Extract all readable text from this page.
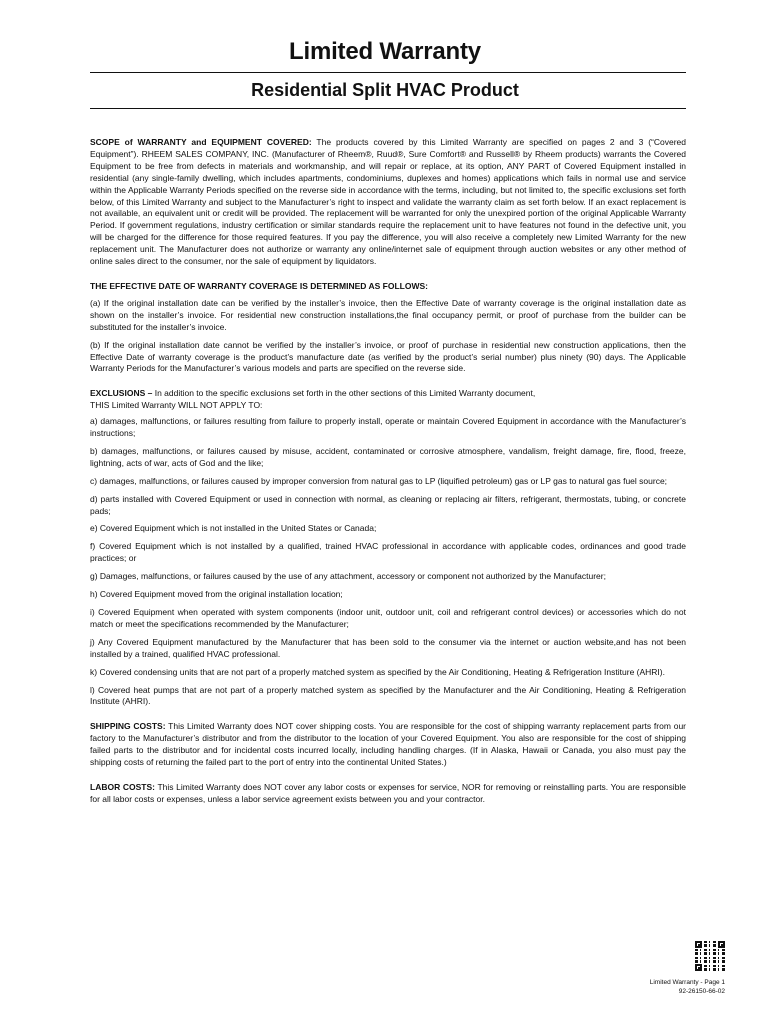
Limited Warranty
Residential Split HVAC Product

SCOPE of WARRANTY and EQUIPMENT COVERED: The products covered by this Limited Warranty are specified on pages 2 and 3 (“Covered Equipment”). RHEEM SALES COMPANY, INC. (Manufacturer of Rheem®, Ruud®, Sure Comfort® and Russell® by Rheem products) warrants the Covered Equipment to be free from defects in materials and workmanship, and will repair or replace, at its option, ANY PART of Covered Equipment installed in residential (any single-family dwelling, which includes apartments, condominiums, duplexes and homes) applications which fails in normal use and service within the Applicable Warranty Periods specified on the reverse side in accordance with the terms, including, but not limited to, the specific exclusions set forth below, of this Limited Warranty and subject to the Manufacturer’s right to inspect and validate the warranty claim as set forth below. If an exact replacement is not available, an equivalent unit or credit will be provided. The replacement will be warranted for only the unexpired portion of the original Applicable Warranty Period. If government regulations, industry certification or similar standards require the replacement unit to have features not found in the defective unit, you will be charged for the difference for those required features. If you pay the difference, you will also receive a completely new Limited Warranty for the new replacement unit. The Manufacturer does not authorize or warranty any online/internet sale of equipment through auction websites or any other method of online sales direct to the consumer, nor the sale of equipment by liquidators.

THE EFFECTIVE DATE OF WARRANTY COVERAGE IS DETERMINED AS FOLLOWS:

(a) If the original installation date can be verified by the installer’s invoice, then the Effective Date of warranty coverage is the original installation date as shown on the installer’s invoice. For residential new construction installations,the final occupancy permit, or proof of purchase from the builder can be substituted for the installer’s invoice.

(b) If the original installation date cannot be verified by the installer’s invoice, or proof of purchase in residential new construction applications, then the Effective Date of warranty coverage is the product’s manufacture date (as verified by the product’s serial number) plus ninety (90) days. The Applicable Warranty Periods for the Manufacturer’s various models and parts are specified on the reverse side.

EXCLUSIONS – In addition to the specific exclusions set forth in the other sections of this Limited Warranty document,
THIS Limited Warranty WILL NOT APPLY TO:

a) damages, malfunctions, or failures resulting from failure to properly install, operate or maintain Covered Equipment in accordance with the Manufacturer’s instructions;

b) damages, malfunctions, or failures caused by misuse, accident, contaminated or corrosive atmosphere, vandalism, freight damage, fire, flood, freeze, lightning, acts of war, acts of God and the like;

c) damages, malfunctions, or failures caused by improper conversion from natural gas to LP (liquified petroleum) gas or LP gas to natural gas fuel source;

d) parts installed with Covered Equipment or used in connection with normal, as cleaning or replacing air filters, refrigerant, thermostats, tubing, or concrete pads;

e) Covered Equipment which is not installed in the United States or Canada;

f) Covered Equipment which is not installed by a qualified, trained HVAC professional in accordance with applicable codes, ordinances and good trade practices; or

g) Damages, malfunctions, or failures caused by the use of any attachment, accessory or component not authorized by the Manufacturer;

h) Covered Equipment moved from the original installation location;

i) Covered Equipment when operated with system components (indoor unit, outdoor unit, coil and refrigerant control devices) or accessories which do not match or meet the specifications recommended by the Manufacturer;

j) Any Covered Equipment manufactured by the Manufacturer that has been sold to the consumer via the internet or auction website,and has not been installed by a trained, qualified HVAC professional.

k) Covered condensing units that are not part of a properly matched system as specified by the Air Conditioning, Heating & Refrigeration Institure (AHRI).

l) Covered heat pumps that are not part of a properly matched system as specified by the Manufacturer and the Air Conditioning, Heating & Refrigeration Institute (AHRI).

SHIPPING COSTS: This Limited Warranty does NOT cover shipping costs. You are responsible for the cost of shipping warranty replacement parts from our factory to the Manufacturer’s distributor and from the distributor to the location of your Covered Equipment. You also are responsible for the cost of shipping failed parts to the distributor and for incidental costs incurred locally, including handling charges. (If in Alaska, Hawaii or Canada, you also must pay the shipping costs of returning the failed part to the port of entry into the continental United States.)

LABOR COSTS: This Limited Warranty does NOT cover any labor costs or expenses for service, NOR for removing or reinstalling parts. You are responsible for all labor costs or expenses, unless a labor service agreement exists between you and your contractor.

Limited Warranty - Page 1
92-26150-66-02
